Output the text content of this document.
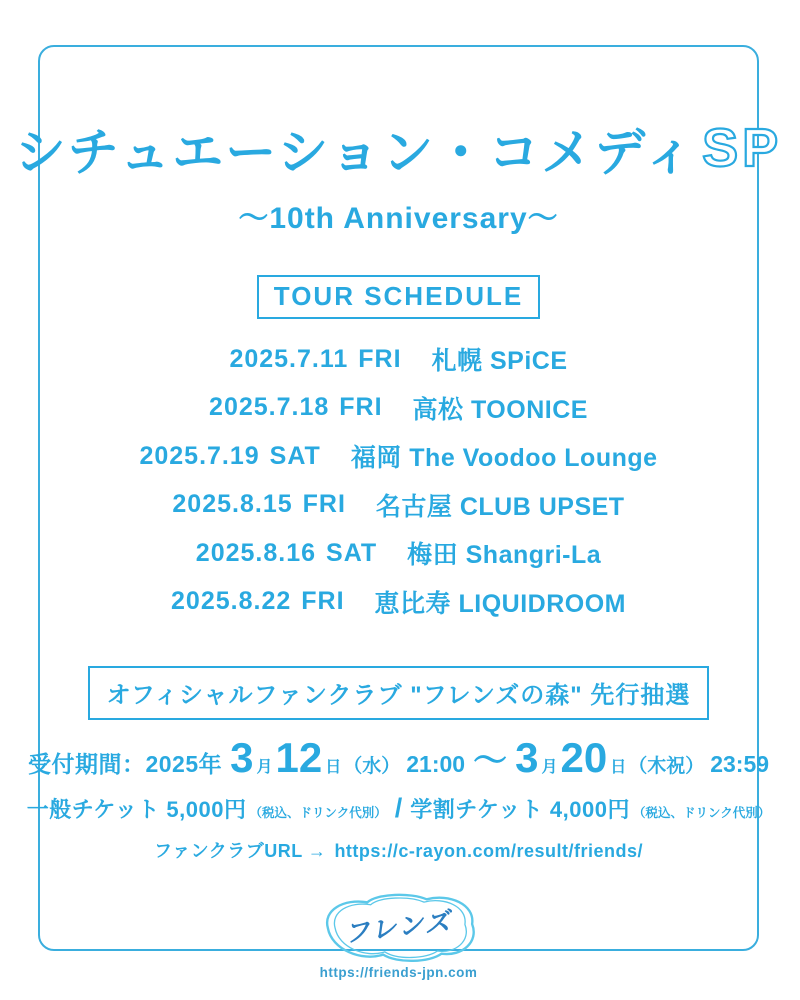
シチュエーション・コメディ SP
～10th Anniversary～
TOUR SCHEDULE
2025.7.11 FRI 札幌 SPiCE
2025.7.18 FRI 高松 TOONICE
2025.7.19 SAT 福岡 The Voodoo Lounge
2025.8.15 FRI 名古屋 CLUB UPSET
2025.8.16 SAT 梅田 Shangri-La
2025.8.22 FRI 恵比寿 LIQUIDROOM
オフィシャルファンクラブ "フレンズの森" 先行抽選
受付期間：2025年 3 月 12 日 （水） 21:00 ～ 3 月 20 日 （木祝） 23:59
一般チケット 5,000円 （税込、ドリンク代別） / 学割チケット 4,000円 （税込、ドリンク代別）
ファンクラブURL → https://c-rayon.com/result/friends/
フレンズ
https://friends-jpn.com
